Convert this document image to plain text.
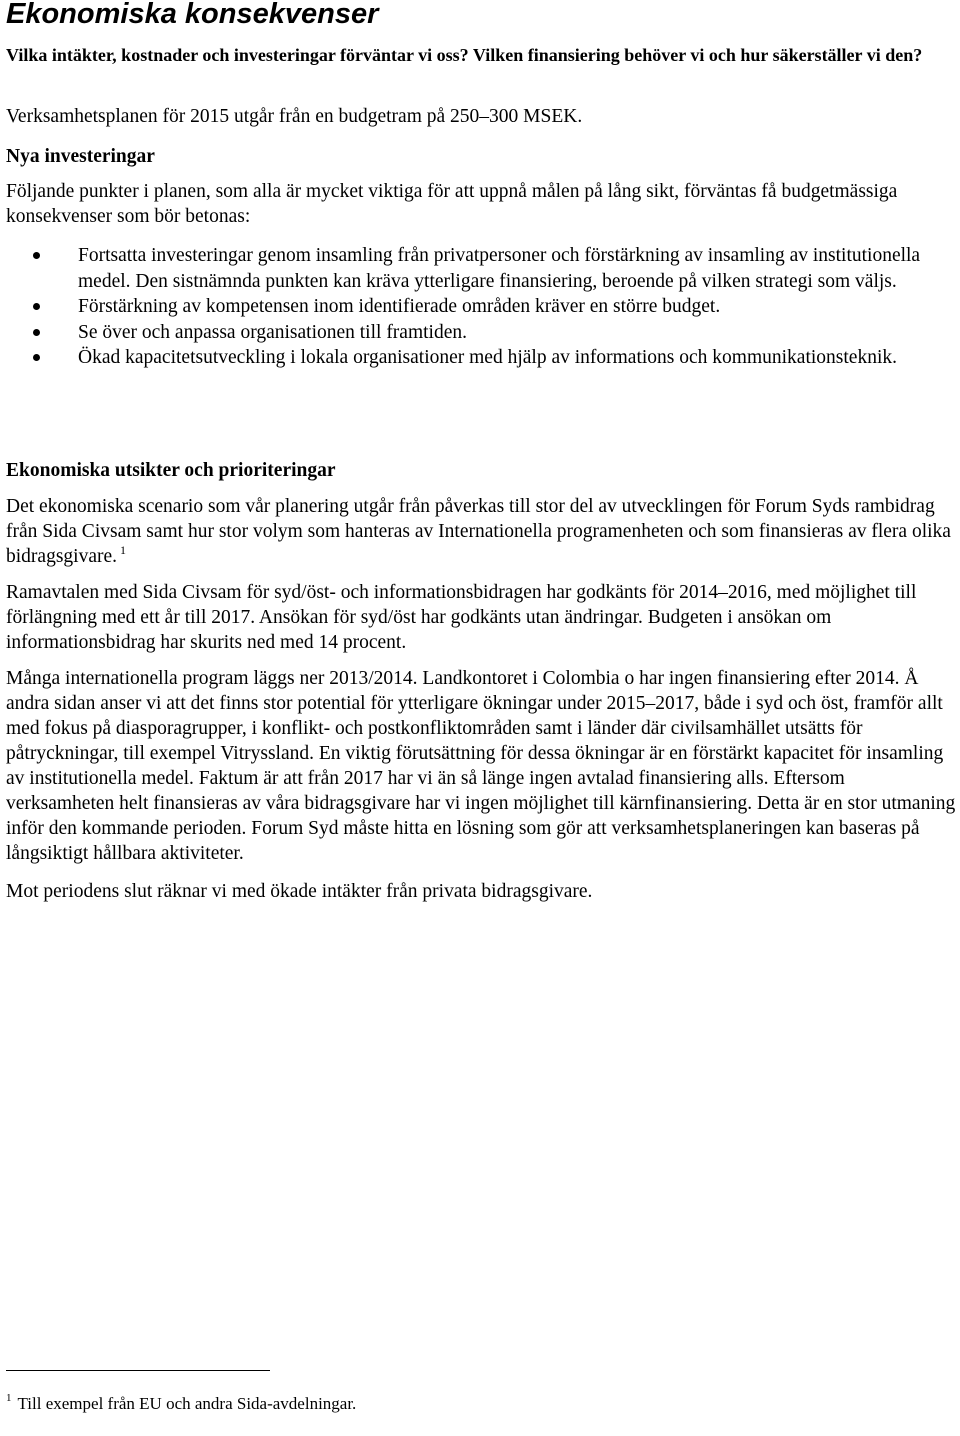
Ekonomiska konsekvenser

Vilka intäkter, kostnader och investeringar förväntar vi oss? Vilken finansiering behöver vi och hur säkerställer vi den?

Verksamhetsplanen för 2015 utgår från en budgetram på 250–300 MSEK.

Nya investeringar

Följande punkter i planen, som alla är mycket viktiga för att uppnå målen på lång sikt, förväntas få budgetmässiga konsekvenser som bör betonas:

Fortsatta investeringar genom insamling från privatpersoner och förstärkning av insamling av institutionella medel. Den sistnämnda punkten kan kräva ytterligare finansiering, beroende på vilken strategi som väljs.
Förstärkning av kompetensen inom identifierade områden kräver en större budget.
Se över och anpassa organisationen till framtiden.
Ökad kapacitetsutveckling i lokala organisationer med hjälp av informations och kommunikationsteknik.
Ekonomiska utsikter och prioriteringar

Det ekonomiska scenario som vår planering utgår från påverkas till stor del av utvecklingen för Forum Syds rambidrag från Sida Civsam samt hur stor volym som hanteras av Internationella programenheten och som finansieras av flera olika bidragsgivare. $^1$

Ramavtalen med Sida Civsam för syd/öst- och informationsbidragen har godkänts för 2014–2016, med möjlighet till förlängning med ett år till 2017. Ansökan för syd/öst har godkänts utan ändringar. Budgeten i ansökan om informationsbidrag har skurits ned med 14 procent.

Många internationella program läggs ner 2013/2014. Landkontoret i Colombia o har ingen finansiering efter 2014. Å andra sidan anser vi att det finns stor potential för ytterligare ökningar under 2015–2017, både i syd och öst, framför allt med fokus på diasporagrupper, i konflikt- och postkonfliktområden samt i länder där civilsamhället utsätts för påtryckningar, till exempel Vitryssland. En viktig förutsättning för dessa ökningar är en förstärkt kapacitet för insamling av institutionella medel. Faktum är att från 2017 har vi än så länge ingen avtalad finansiering alls. Eftersom verksamheten helt finansieras av våra bidragsgivare har vi ingen möjlighet till kärnfinansiering. Detta är en stor utmaning inför den kommande perioden. Forum Syd måste hitta en lösning som gör att verksamhetsplaneringen kan baseras på långsiktigt hållbara aktiviteter.

Mot periodens slut räknar vi med ökade intäkter från privata bidragsgivare.

$^1$ Till exempel från EU och andra Sida-avdelningar.
